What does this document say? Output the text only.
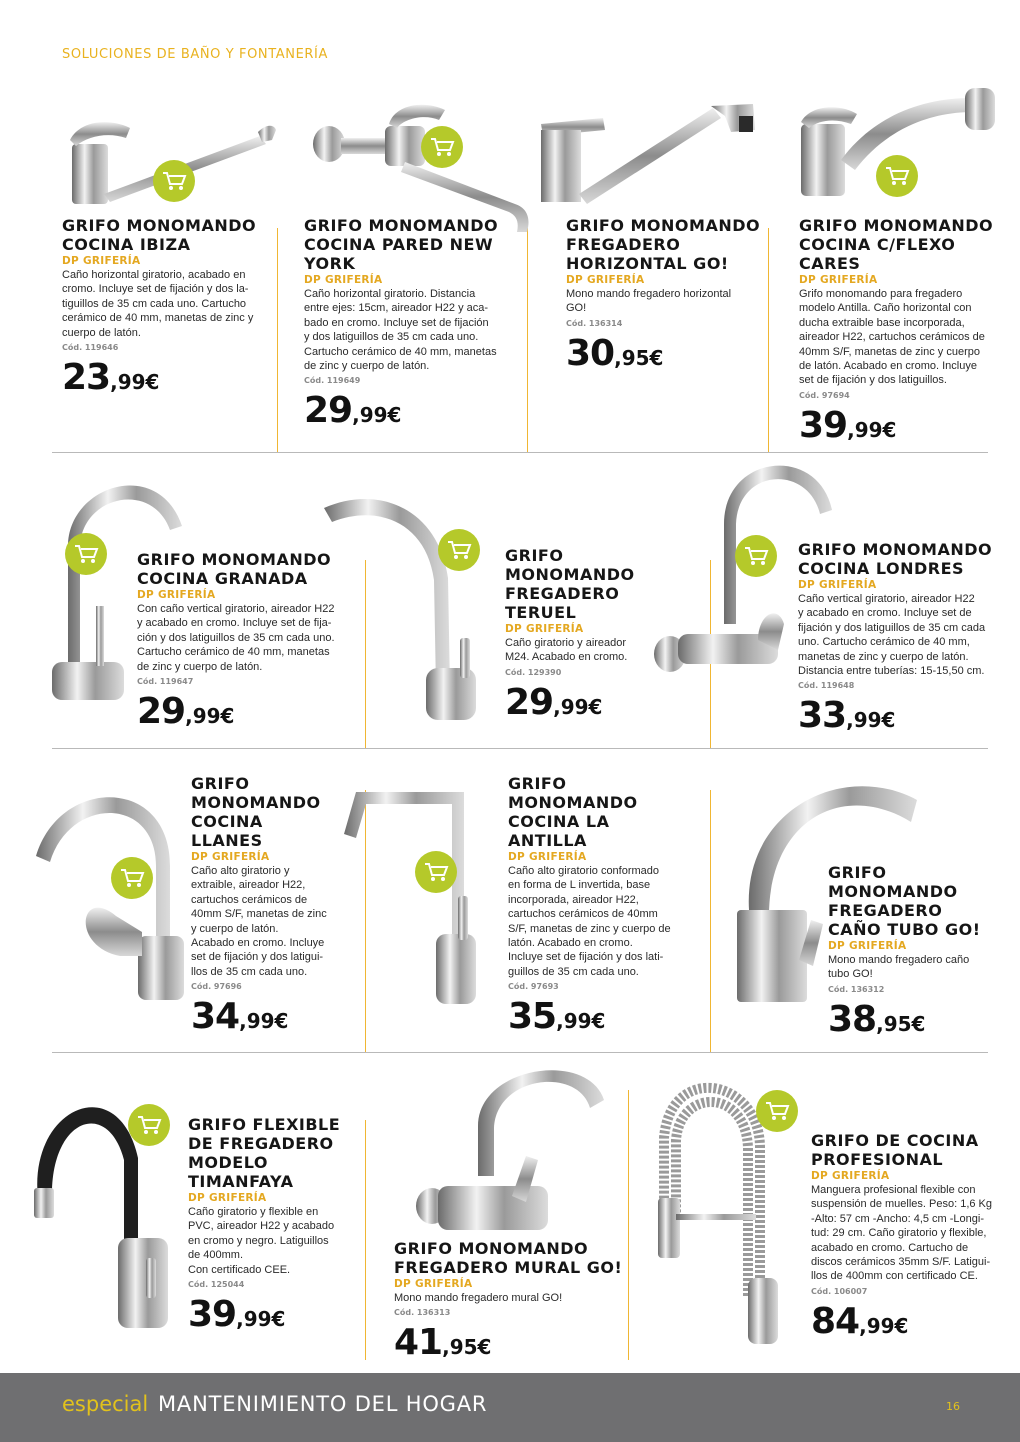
SOLUCIONES DE BAÑO Y FONTANERÍA
GRIFO MONOMANDO
COCINA IBIZA
DP GRIFERÍA
Caño horizontal giratorio, acabado en
cromo. Incluye set de fijación y dos la-
tiguillos de 35 cm cada uno. Cartucho
cerámico de 40 mm, manetas de zinc y
cuerpo de latón.
Cód. 119646
23,99€
GRIFO MONOMANDO
COCINA PARED NEW
YORK
DP GRIFERÍA
Caño horizontal giratorio. Distancia
entre ejes: 15cm, aireador H22 y aca-
bado en cromo. Incluye set de fijación
y dos latiguillos de 35 cm cada uno.
Cartucho cerámico de 40 mm, manetas
de zinc y cuerpo de latón.
Cód. 119649
29,99€
GRIFO MONOMANDO
FREGADERO
HORIZONTAL GO!
DP GRIFERÍA
Mono mando fregadero horizontal
GO!
Cód. 136314
30,95€
GRIFO MONOMANDO
COCINA C/FLEXO
CARES
DP GRIFERÍA
Grifo monomando para fregadero
modelo Antilla. Caño horizontal con
ducha extraible base incorporada,
aireador H22, cartuchos cerámicos de
40mm S/F, manetas de zinc y cuerpo
de latón. Acabado en cromo. Incluye
set de fijación y dos latiguillos.
Cód. 97694
39,99€
GRIFO MONOMANDO
COCINA GRANADA
DP GRIFERÍA
Con caño vertical giratorio, aireador H22
y acabado en cromo. Incluye set de fija-
ción y dos latiguillos de 35 cm cada uno.
Cartucho cerámico de 40 mm, manetas
de zinc y cuerpo de latón.
Cód. 119647
29,99€
GRIFO
MONOMANDO
FREGADERO
TERUEL
DP GRIFERÍA
Caño giratorio y aireador
M24. Acabado en cromo.
Cód. 129390
29,99€
GRIFO MONOMANDO
COCINA LONDRES
DP GRIFERÍA
Caño vertical giratorio, aireador H22
y acabado en cromo. Incluye set de
fijación y dos latiguillos de 35 cm cada
uno. Cartucho cerámico de 40 mm,
manetas de zinc y cuerpo de latón.
Distancia entre tuberías: 15-15,50 cm.
Cód. 119648
33,99€
GRIFO
MONOMANDO
COCINA
LLANES
DP GRIFERÍA
Caño alto giratorio y
extraible, aireador H22,
cartuchos cerámicos de
40mm S/F, manetas de zinc
y cuerpo de latón.
Acabado en cromo. Incluye
set de fijación y dos latigui-
llos de 35 cm cada uno.
Cód. 97696
34,99€
GRIFO
MONOMANDO
COCINA LA
ANTILLA
DP GRIFERÍA
Caño alto giratorio conformado
en forma de L invertida, base
incorporada, aireador H22,
cartuchos cerámicos de 40mm
S/F, manetas de zinc y cuerpo de
latón. Acabado en cromo.
Incluye set de fijación y dos lati-
guillos de 35 cm cada uno.
Cód. 97693
35,99€
GRIFO
MONOMANDO
FREGADERO
CAÑO TUBO GO!
DP GRIFERÍA
Mono mando fregadero caño
tubo GO!
Cód. 136312
38,95€
GRIFO FLEXIBLE
DE FREGADERO
MODELO
TIMANFAYA
DP GRIFERÍA
Caño giratorio y flexible en
PVC, aireador H22 y acabado
en cromo y negro. Latiguillos
de 400mm.
Con certificado CEE.
Cód. 125044
39,99€
GRIFO MONOMANDO
FREGADERO MURAL GO!
DP GRIFERÍA
Mono mando fregadero mural GO!
Cód. 136313
41,95€
GRIFO DE COCINA
PROFESIONAL
DP GRIFERÍA
Manguera profesional flexible con
suspensión de muelles. Peso: 1,6 Kg
-Alto: 57 cm -Ancho: 4,5 cm -Longi-
tud: 29 cm. Caño giratorio y flexible,
acabado en cromo. Cartucho de
discos cerámicos 35mm S/F. Latigui-
llos de 400mm con certificado CE.
Cód. 106007
84,99€
especial MANTENIMIENTO DEL HOGAR	16
